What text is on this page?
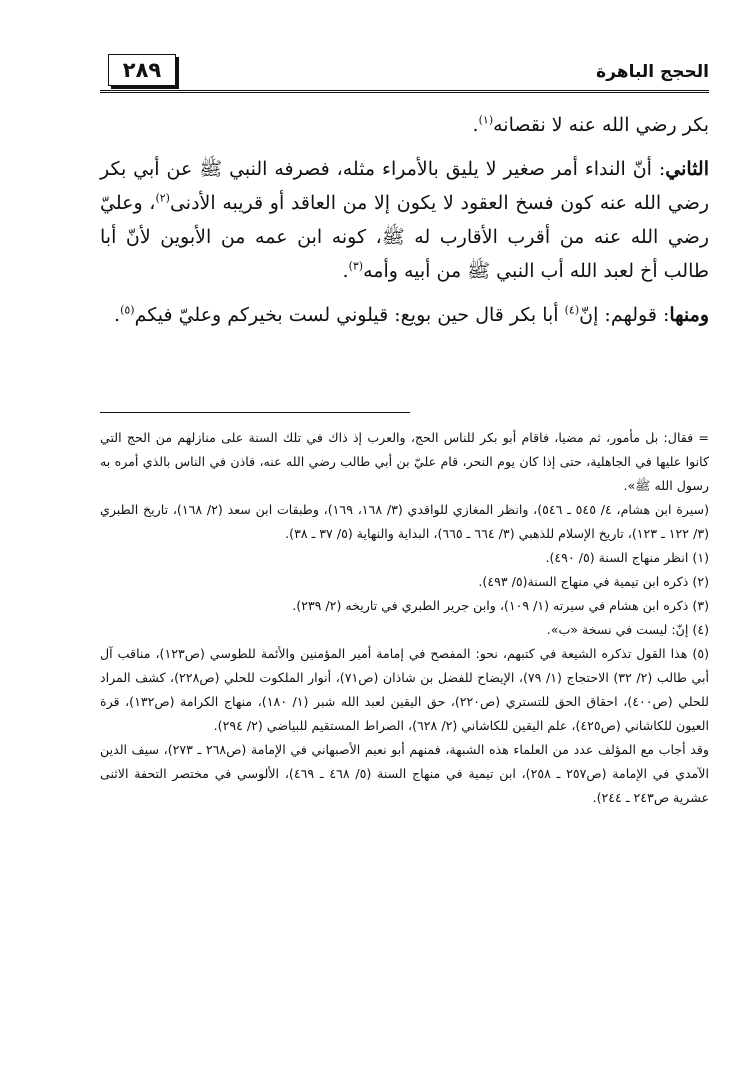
٢٨٩	الحجج الباهرة

بكر رضي الله عنه لا نقصانه$^{(١)}$.

الثاني: أنّ النداء أمر صغير لا يليق بالأمراء مثله، فصرفه النبي ﷺ عن أبي بكر رضي الله عنه كون فسخ العقود لا يكون إلا من العاقد أو قريبه الأدنى$^{(٢)}$، وعليّ رضي الله عنه من أقرب الأقارب له ﷺ، كونه ابن عمه من الأبوين لأنّ أبا طالب أخ لعبد الله أب النبي ﷺ من أبيه وأمه$^{(٣)}$.

ومنها: قولهم: إنّ$^{(٤)}$ أبا بكر قال حين بويع: قيلوني لست بخيركم وعليّ فيكم$^{(٥)}$.

= فقال: بل مأمور، ثم مضيا، فاقام أبو بكر للناس الحج، والعرب إذ ذاك في تلك السنة على منازلهم من الحج التي كانوا عليها في الجاهلية، حتى إذا كان يوم النحر، قام عليّ بن أبي طالب رضي الله عنه، فاذن في الناس بالذي أمره به رسول الله ﷺ».

(سيرة ابن هشام، ٤/ ٥٤٥ ـ ٥٤٦)، وانظر المغازي للواقدي (٣/ ١٦٨، ١٦٩)، وطبقات ابن سعد (٢/ ١٦٨)، تاريخ الطبري (٣/ ١٢٢ ـ ١٢٣)، تاريخ الإسلام للذهبي (٣/ ٦٦٤ ـ ٦٦٥)، البداية والنهاية (٥/ ٣٧ ـ ٣٨).

(١) انظر منهاج السنة (٥/ ٤٩٠).

(٢) ذكره ابن تيمية في منهاج السنة(٥/ ٤٩٣).

(٣) ذكره ابن هشام في سيرته (١/ ١٠٩)، وابن جرير الطبري في تاريخه (٢/ ٢٣٩).

(٤) إنّ: ليست في نسخة «ب».

(٥) هذا القول تذكره الشيعة في كتبهم، نحو: المفصح في إمامة أمير المؤمنين والأئمة للطوسي (ص١٢٣)، مناقب آل أبي طالب (٢/ ٣٢) الاحتجاج (١/ ٧٩)، الإيضاح للفضل بن شاذان (ص٧١)، أنوار الملكوت للحلي (ص٢٢٨)، كشف المراد للحلي (ص٤٠٠)، احقاق الحق للتستري (ص٢٢٠)، حق اليقين لعبد الله شبر (١/ ١٨٠)، منهاج الكرامة (ص١٣٢)، قرة العيون للكاشاني (ص٤٢٥)، علم اليقين للكاشاني (٢/ ٦٢٨)، الصراط المستقيم للبياضي (٢/ ٢٩٤).

وقد أجاب مع المؤلف عدد من العلماء هذه الشبهة، فمنهم أبو نعيم الأصبهاني في الإمامة (ص٢٦٨ ـ ٢٧٣)، سيف الدين الآمدي في الإمامة (ص٢٥٧ ـ ٢٥٨)، ابن تيمية في منهاج السنة (٥/ ٤٦٨ ـ ٤٦٩)، الألوسي في مختصر التحفة الاثنى عشرية ص٢٤٣ ـ ٢٤٤).
